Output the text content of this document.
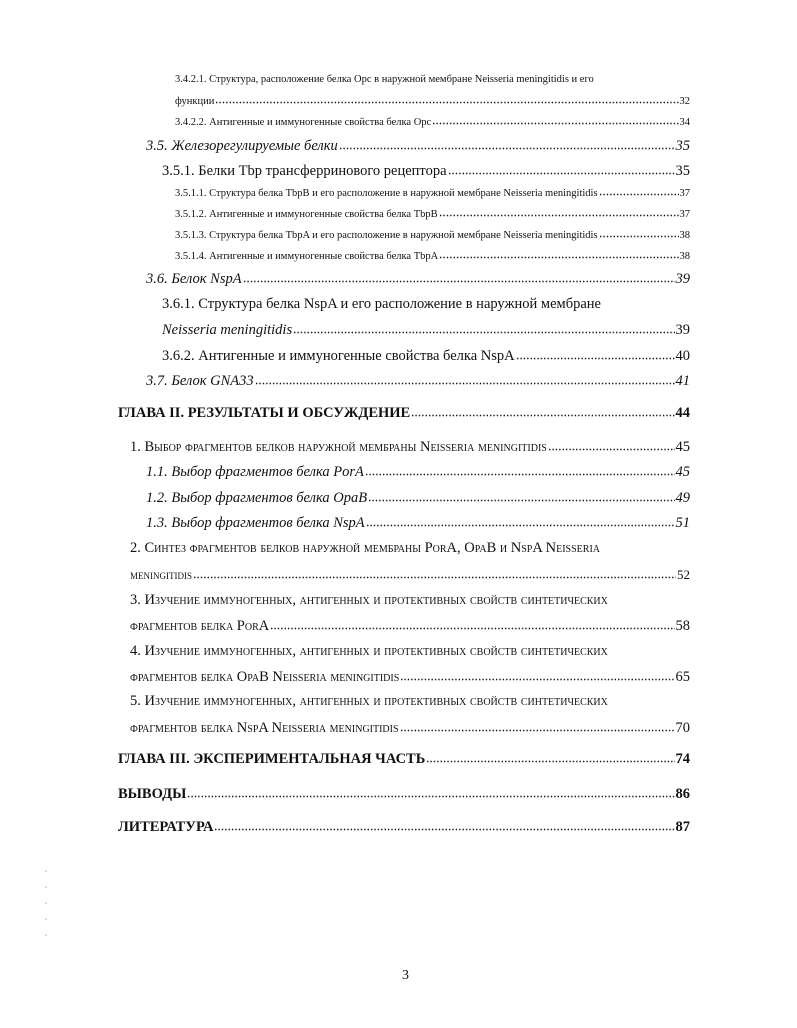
3.4.2.1. Структура, расположение белка Opc в наружной мембране Neisseria meningitidis и его
функции	32
3.4.2.2. Антигенные и иммуногенные свойства белка Opc	34
3.5. Железорегулируемые белки	35
3.5.1. Белки Tbp трансферринового рецептора	35
3.5.1.1. Структура белка TbpB и его расположение в наружной мембране Neisseria meningitidis	37
3.5.1.2. Антигенные и иммуногенные свойства белка TbpB	37
3.5.1.3. Структура белка TbpA и его расположение в наружной мембране Neisseria meningitidis	38
3.5.1.4. Антигенные и иммуногенные свойства белка TbpA	38
3.6. Белок NspA	39
3.6.1. Структура белка NspA и его расположение в наружной мембране
Neisseria meningitidis	39
3.6.2. Антигенные и иммуногенные свойства белка NspA	40
3.7. Белок GNA33	41
ГЛАВА II. РЕЗУЛЬТАТЫ И ОБСУЖДЕНИЕ	44
1. Выбор фрагментов белков наружной мембраны Neisseria meningitidis	45
1.1. Выбор фрагментов белка PorA	45
1.2. Выбор фрагментов белка OpaB	49
1.3. Выбор фрагментов белка NspA	51
2. Синтез фрагментов белков наружной мембраны PorA, OpaB и NspA Neisseria
meningitidis	52
3. Изучение иммуногенных, антигенных и протективных свойств синтетических
фрагментов белка PorA	58
4. Изучение иммуногенных, антигенных и протективных свойств синтетических
фрагментов белка OpaB Neisseria meningitidis	65
5. Изучение иммуногенных, антигенных и протективных свойств синтетических
фрагментов белка NspA Neisseria meningitidis	70
ГЛАВА III. ЭКСПЕРИМЕНТАЛЬНАЯ ЧАСТЬ	74
ВЫВОДЫ	86
ЛИТЕРАТУРА	87
3
